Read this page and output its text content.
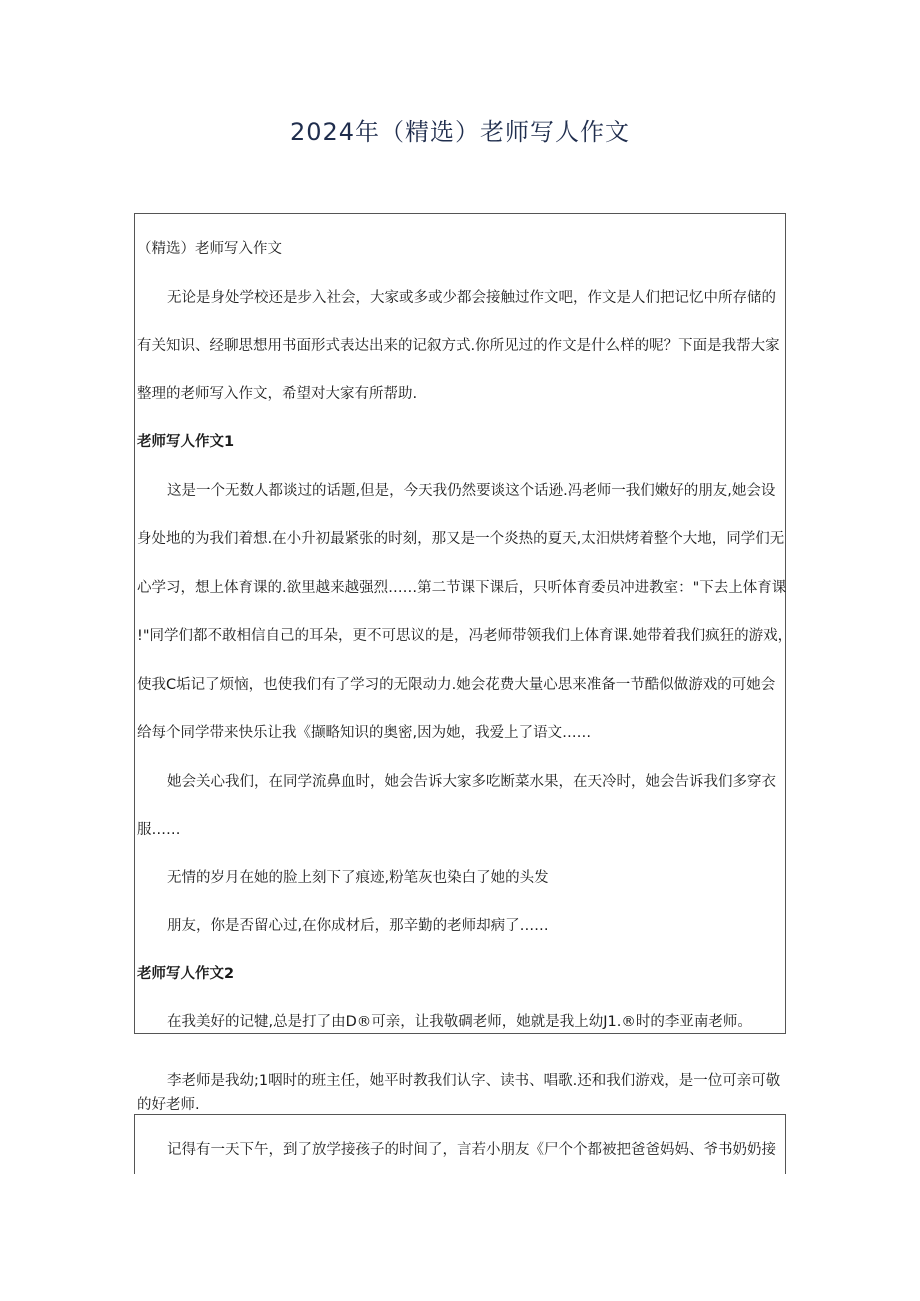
2024年（精选）老师写人作文
（精选）老师写入作文
无论是身处学校还是步入社会，大家或多或少都会接触过作文吧，作文是人们把记忆中所存储的
有关知识、经聊思想用书面形式表达出来的记叙方式.你所见过的作文是什么样的呢？下面是我帮大家
整理的老师写入作文，希望对大家有所帮助.
老师写人作文1
这是一个无数人都谈过的话题,但是，今天我仍然要谈这个话逊.冯老师一我们嫩好的朋友,她会设
身处地的为我们着想.在小升初最紧张的时刻，那又是一个炎热的夏天,太汨烘烤着整个大地，同学们无
心学习，想上体育课的.欲里越来越强烈……第二节课下课后，只听体育委员冲进教室："下去上体育课
!"同学们都不敢相信自己的耳朵，更不可思议的是，冯老师带领我们上体育课.她带着我们疯狂的游戏，
使我C垢记了烦恼，也使我们有了学习的无限动力.她会花费大量心思来准备一节酷似做游戏的可她会
给每个同学带来快乐让我《撷略知识的奥密,因为她，我爱上了语文……
她会关心我们，在同学流鼻血时，她会告诉大家多吃断菜水果，在天冷时，她会告诉我们多穿衣
服……
无情的岁月在她的脸上刻下了痕迹,粉笔灰也染白了她的头发
朋友，你是否留心过,在你成材后，那辛勤的老师却病了……
老师写人作文2
在我美好的记犍,总是打了由D®可亲，让我敬碉老师，她就是我上幼J1.®时的李亚南老师。
李老师是我幼;1咽时的班主任，她平时教我们认字、读书、唱歌.还和我们游戏，是一位可亲可敬
的好老师.
记得有一天下午，到了放学接孩子的时间了，言若小朋友《尸个个都被把爸爸妈妈、爷书奶奶接
